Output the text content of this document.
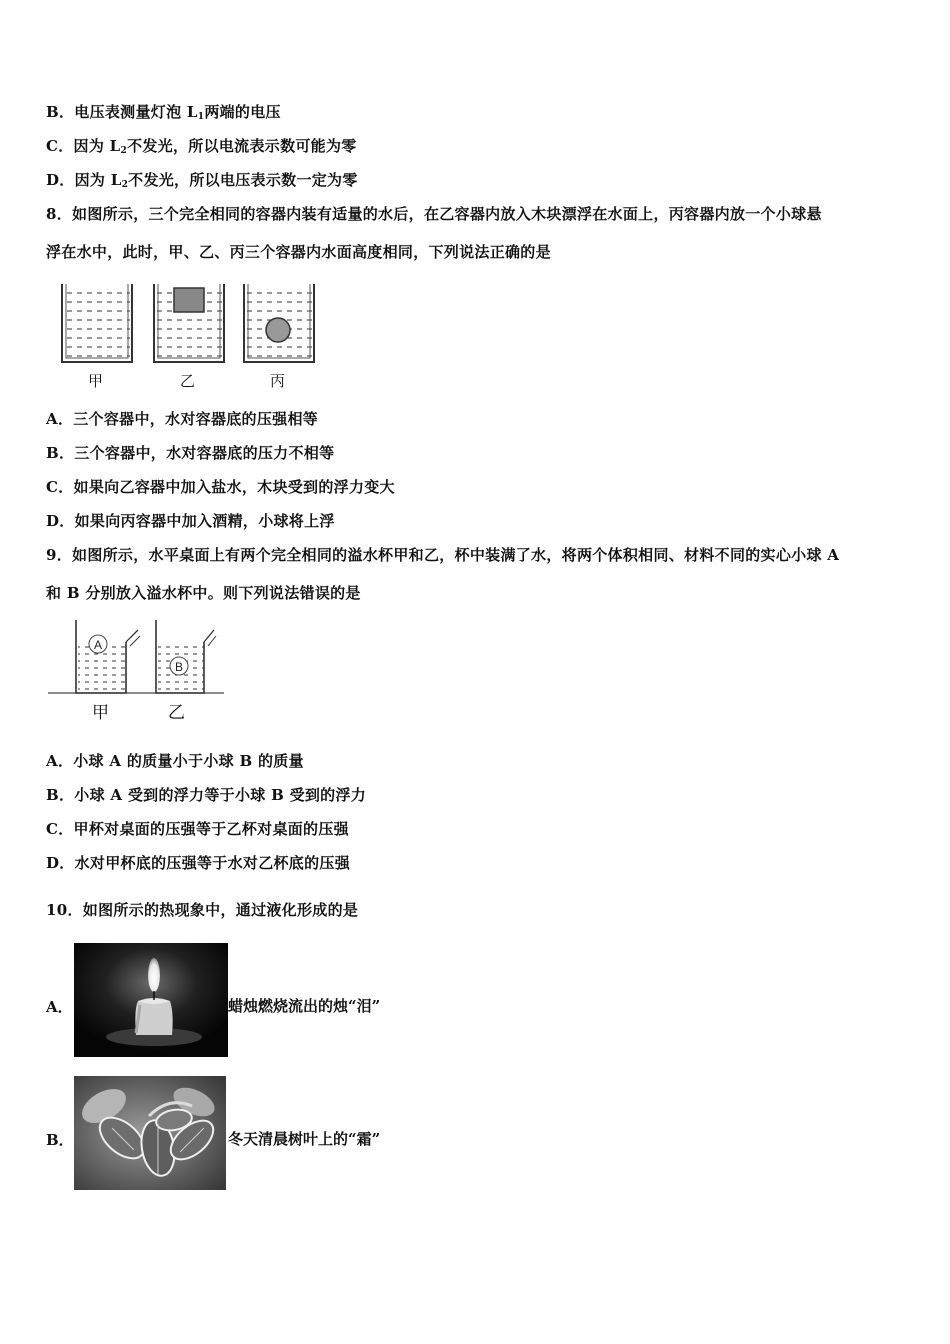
B．电压表测量灯泡 $L_1$两端的电压
C．因为 $L_2$不发光，所以电流表示数可能为零
D．因为 $L_2$不发光，所以电压表示数一定为零
8．如图所示，三个完全相同的容器内装有适量的水后，在乙容器内放入木块漂浮在水面上，丙容器内放一个小球悬
浮在水中，此时，甲、乙、丙三个容器内水面高度相同，下列说法正确的是
甲	乙	丙
A．三个容器中，水对容器底的压强相等
B．三个容器中，水对容器底的压力不相等
C．如果向乙容器中加入盐水，木块受到的浮力变大
D．如果向丙容器中加入酒精，小球将上浮
9．如图所示，水平桌面上有两个完全相同的溢水杯甲和乙，杯中装满了水，将两个体积相同、材料不同的实心小球 A
和 B 分别放入溢水杯中。则下列说法错误的是
A
B
甲	乙
A．小球 A 的质量小于小球 B 的质量
B．小球 A 受到的浮力等于小球 B 受到的浮力
C．甲杯对桌面的压强等于乙杯对桌面的压强
D．水对甲杯底的压强等于水对乙杯底的压强
10．如图所示的热现象中，通过液化形成的是
A．	蜡烛燃烧流出的烛“泪”
B．	冬天清晨树叶上的“霜”
